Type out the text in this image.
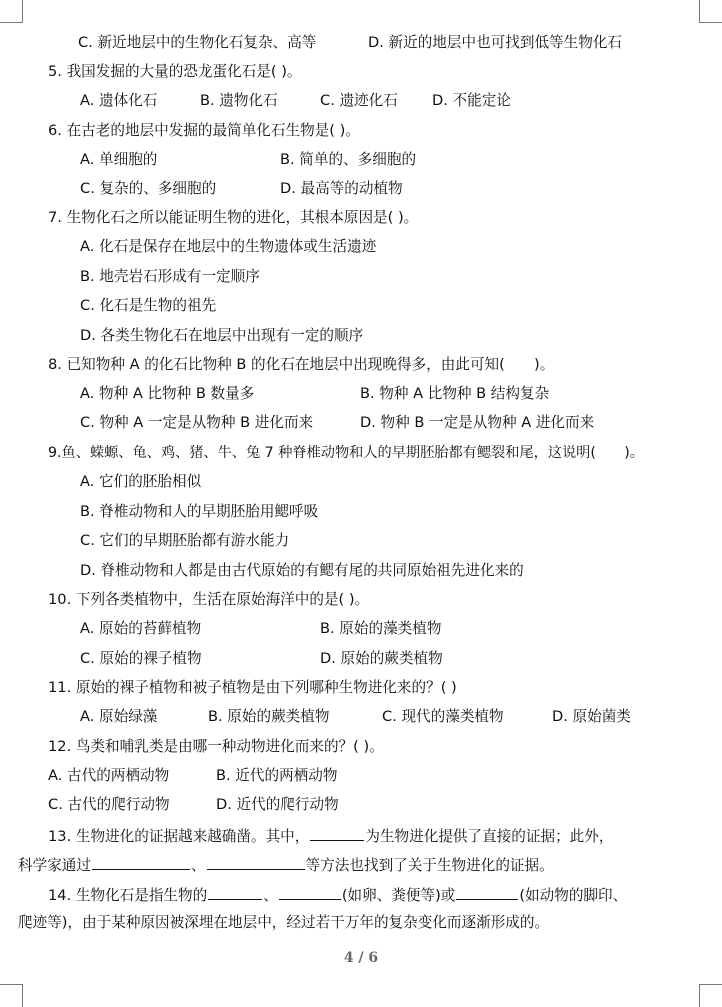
C. 新近地层中的生物化石复杂、高等	D. 新近的地层中也可找到低等生物化石
5. 我国发掘的大量的恐龙蛋化石是( )。
A. 遗体化石	B. 遗物化石	C. 遗迹化石 D. 不能定论
6. 在古老的地层中发掘的最简单化石生物是( )。
A. 单细胞的	B. 简单的、多细胞的
C. 复杂的、多细胞的	D. 最高等的动植物
7. 生物化石之所以能证明生物的进化，其根本原因是( )。
A. 化石是保存在地层中的生物遗体或生活遗迹
B. 地壳岩石形成有一定顺序
C. 化石是生物的祖先
D. 各类生物化石在地层中出现有一定的顺序
8. 已知物种 A 的化石比物种 B 的化石在地层中出现晚得多，由此可知(　　)。
A. 物种 A 比物种 B 数量多	B. 物种 A 比物种 B 结构复杂
C. 物种 A 一定是从物种 B 进化而来	D. 物种 B 一定是从物种 A 进化而来
9.鱼、蝾螈、龟、鸡、猪、牛、兔 7 种脊椎动物和人的早期胚胎都有鳃裂和尾，这说明(　　)。
A. 它们的胚胎相似
B. 脊椎动物和人的早期胚胎用鳃呼吸
C. 它们的早期胚胎都有游水能力
D. 脊椎动物和人都是由古代原始的有鳃有尾的共同原始祖先进化来的
10. 下列各类植物中，生活在原始海洋中的是( )。
A. 原始的苔藓植物	B. 原始的藻类植物
C. 原始的裸子植物	D. 原始的蕨类植物
11. 原始的裸子植物和被子植物是由下列哪种生物进化来的？( )
A. 原始绿藻	B. 原始的蕨类植物	C. 现代的藻类植物	D. 原始菌类
12. 鸟类和哺乳类是由哪一种动物进化而来的？( )。
A. 古代的两栖动物	B. 近代的两栖动物
C. 古代的爬行动物	D. 近代的爬行动物
13. 生物进化的证据越来越确凿。其中，	为生物进化提供了直接的证据；此外，
科学家通过	、	等方法也找到了关于生物进化的证据。
14. 生物化石是指生物的	、	(如卵、粪便等)或	(如动物的脚印、
爬迹等)，由于某种原因被深埋在地层中，经过若干万年的复杂变化而逐渐形成的。
4 / 6
